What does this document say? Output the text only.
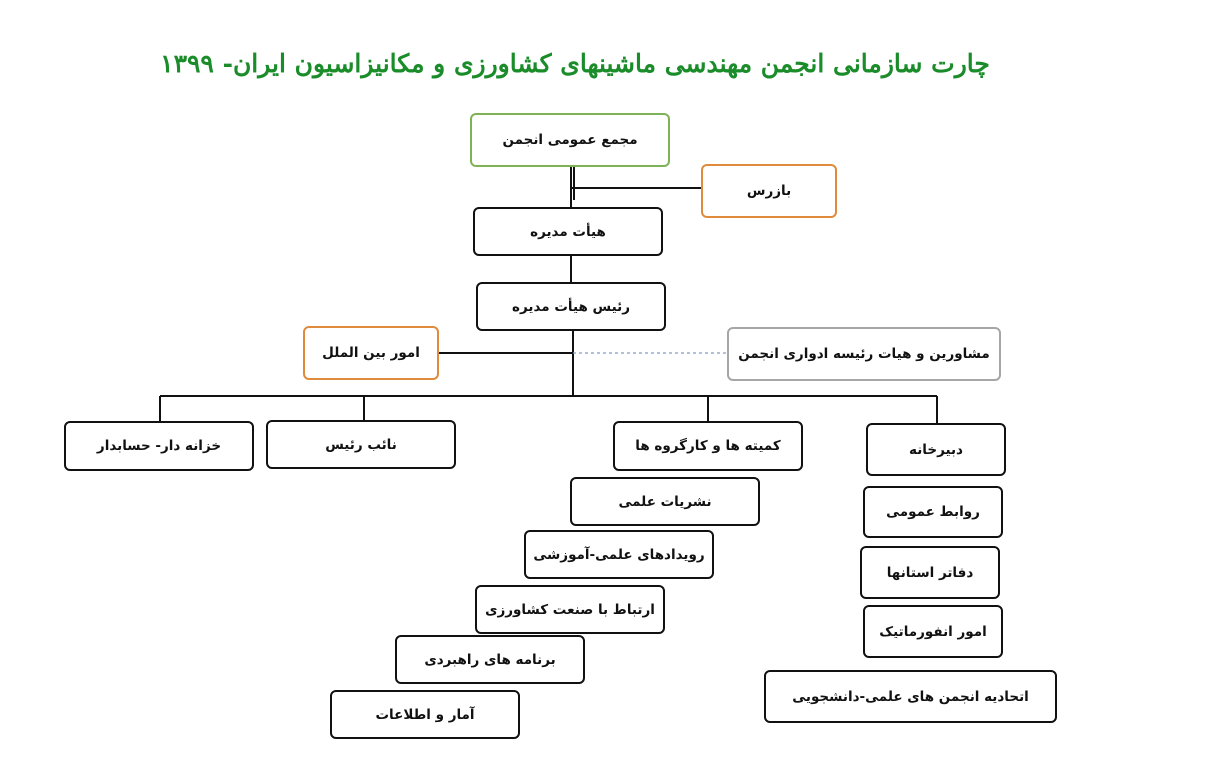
چارت سازمانی انجمن مهندسی ماشینهای کشاورزی و مکانیزاسیون ایران- ۱۳۹۹
مجمع عمومی انجمن
بازرس
هیأت مدیره
رئیس هیأت مدیره
امور بین الملل	مشاورین و هیات رئیسه ادواری انجمن
خزانه دار- حسابدار	نائب رئیس	کمیته ها و کارگروه ها	دبیرخانه
نشریات علمی
رویدادهای علمی-آموزشی
ارتباط با صنعت کشاورزی
برنامه های راهبردی
آمار و اطلاعات
روابط عمومی
دفاتر استانها
امور انفورماتیک
اتحادیه انجمن های علمی-دانشجویی
